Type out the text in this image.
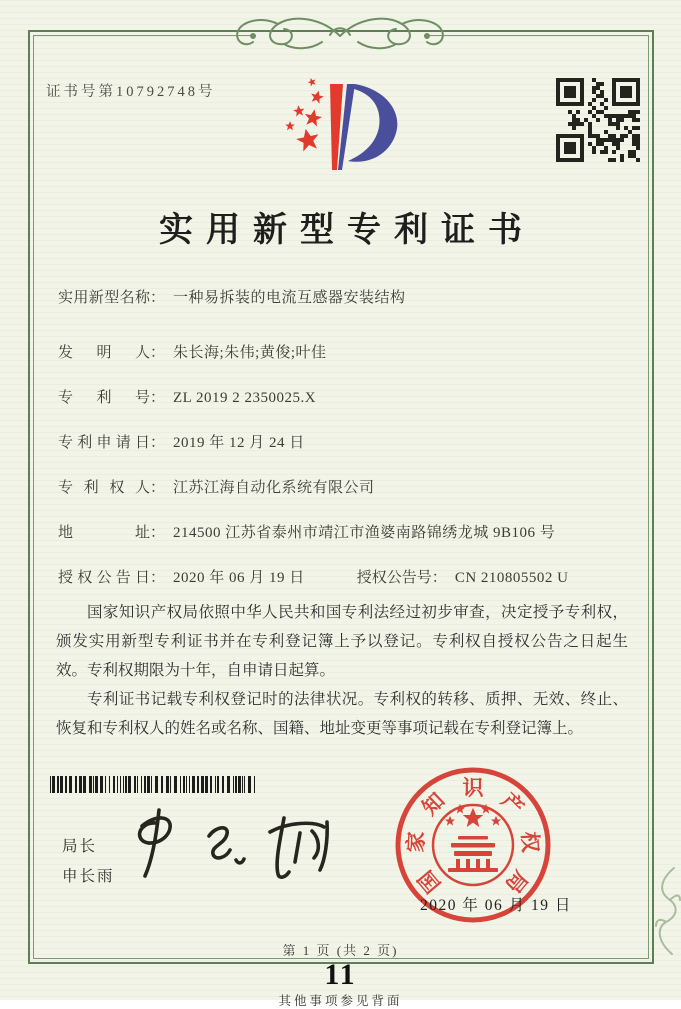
证书号第10792748号
实用新型专利证书
实用新型名称： 一种易拆装的电流互感器安装结构
发明人： 朱长海;朱伟;黄俊;叶佳
专利号： ZL 2019 2 2350025.X
专利申请日： 2019 年 12 月 24 日
专利权人： 江苏江海自动化系统有限公司
地址： 214500 江苏省泰州市靖江市渔婆南路锦绣龙城 9B106 号
授权公告日： 2020 年 06 月 19 日	授权公告号： CN 210805502 U

国家知识产权局依照中华人民共和国专利法经过初步审查，决定授予专利权，颁发实用新型专利证书并在专利登记簿上予以登记。专利权自授权公告之日起生效。专利权期限为十年，自申请日起算。

专利证书记载专利权登记时的法律状况。专利权的转移、质押、无效、终止、恢复和专利权人的姓名或名称、国籍、地址变更等事项记载在专利登记簿上。

国
家
知
识
产
权
局
2020 年 06 月 19 日
局长
申长雨
第 1 页 (共 2 页)
11
其他事项参见背面
